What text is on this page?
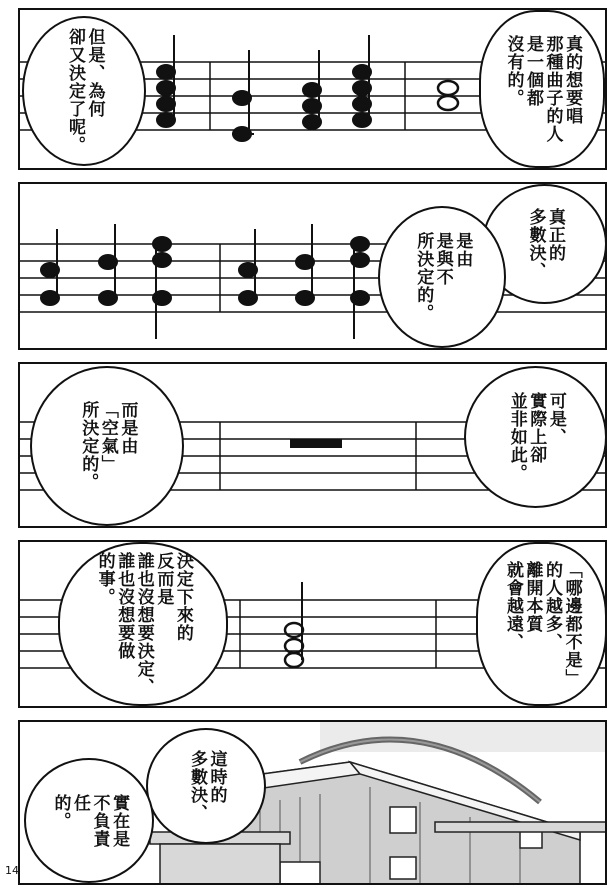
真的想要唱
那種曲子的人
是一個都
沒有的。
但是、為何
卻又決定了呢。
真正的
多數決、
是由
是與不
所決定的。
可是、
實際上卻
並非如此。
而是由
「空氣」
所決定的。
「哪邊都不是」
的人越多、
離開本質
就會越遠、
決定下來的
反而是
誰也沒想要決定、
誰也沒想要做
的事。
這時的
多數決、
實在是
不負責
任
的。
14
